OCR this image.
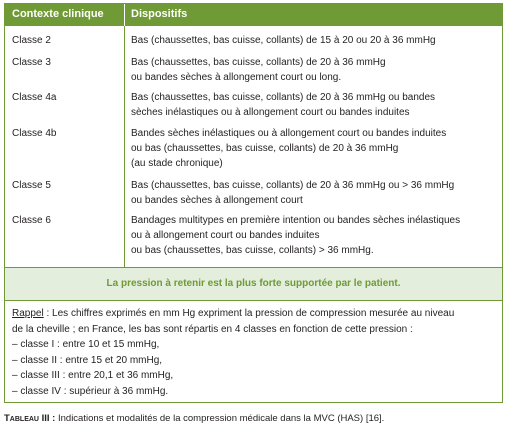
Contexte clinique Dispositifs
Classe 2	Bas (chaussettes, bas cuisse, collants) de 15 à 20 ou 20 à 36 mmHg
Classe 3	Bas (chaussettes, bas cuisse, collants) de 20 à 36 mmHg
ou bandes sèches à allongement court ou long.
Classe 4a	Bas (chaussettes, bas cuisse, collants) de 20 à 36 mmHg ou bandes
sèches inélastiques ou à allongement court ou bandes induites
Classe 4b	Bandes sèches inélastiques ou à allongement court ou bandes induites
ou bas (chaussettes, bas cuisse, collants) de 20 à 36 mmHg
(au stade chronique)
Classe 5	Bas (chaussettes, bas cuisse, collants) de 20 à 36 mmHg ou > 36 mmHg
ou bandes sèches à allongement court
Classe 6	Bandages multitypes en première intention ou bandes sèches inélastiques
ou à allongement court ou bandes induites
ou bas (chaussettes, bas cuisse, collants) > 36 mmHg.
La pression à retenir est la plus forte supportée par le patient.
Rappel : Les chiffres exprimés en mm Hg expriment la pression de compression mesurée au niveau
de la cheville ; en France, les bas sont répartis en 4 classes en fonction de cette pression :
– classe I : entre 10 et 15 mmHg,
– classe II : entre 15 et 20 mmHg,
– classe III : entre 20,1 et 36 mmHg,
– classe IV : supérieur à 36 mmHg.
Tableau III : Indications et modalités de la compression médicale dans la MVC (HAS) [16].
